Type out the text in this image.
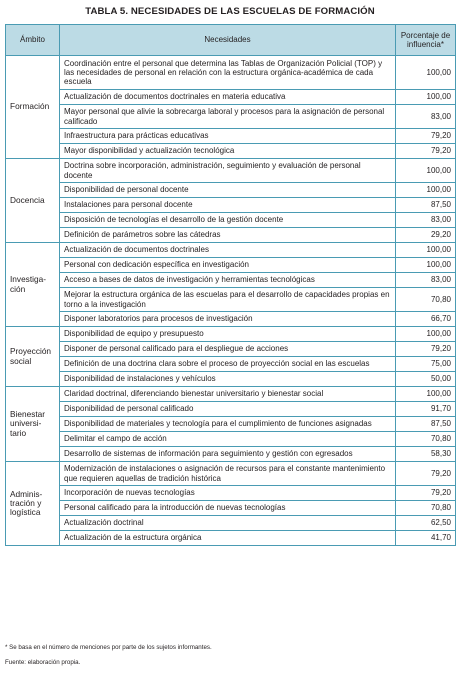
TABLA 5. NECESIDADES DE LAS ESCUELAS DE FORMACIÓN
Ámbito	Necesidades	Porcentaje de
influencia*
Formación	Coordinación entre el personal que determina las Tablas de Organización Policial (TOP) y las necesidades de personal en relación con la estructura orgánica-académica de cada escuela	100,00
	Actualización de documentos doctrinales en materia educativa	100,00
	Mayor personal que alivie la sobrecarga laboral y procesos para la asignación de personal calificado	83,00
	Infraestructura para prácticas educativas	79,20
	Mayor disponibilidad y actualización tecnológica	79,20
Docencia	Doctrina sobre incorporación, administración, seguimiento y evaluación de personal docente	100,00
	Disponibilidad de personal docente	100,00
	Instalaciones para personal docente	87,50
	Disposición de tecnologías el desarrollo de la gestión docente	83,00
	Definición de parámetros sobre las cátedras	29,20
Investiga-
ción	Actualización de documentos doctrinales	100,00
	Personal con dedicación específica en investigación	100,00
	Acceso a bases de datos de investigación y herramientas tecnológicas	83,00
	Mejorar la estructura orgánica de las escuelas para el desarrollo de capacidades propias en torno a la investigación	70,80
	Disponer laboratorios para procesos de investigación	66,70
Proyección
social	Disponibilidad de equipo y presupuesto	100,00
	Disponer de personal calificado para el despliegue de acciones	79,20
	Definición de una doctrina clara sobre el proceso de proyección social en las escuelas	75,00
	Disponibilidad de instalaciones y vehículos	50,00
Bienestar
universi-
tario	Claridad doctrinal, diferenciando bienestar universitario y bienestar social	100,00
	Disponibilidad de personal calificado	91,70
	Disponibilidad de materiales y tecnología para el cumplimiento de funciones asignadas	87,50
	Delimitar el campo de acción	70,80
	Desarrollo de sistemas de información para seguimiento y gestión con egresados	58,30
Adminis-
tración y
logística	Modernización de instalaciones o asignación de recursos para el constante mantenimiento que requieren aquellas de tradición histórica	79,20
	Incorporación de nuevas tecnologías	79,20
	Personal calificado para la introducción de nuevas tecnologías	70,80
	Actualización doctrinal	62,50
	Actualización de la estructura orgánica	41,70
* Se basa en el número de menciones por parte de los sujetos informantes.
Fuente: elaboración propia.
